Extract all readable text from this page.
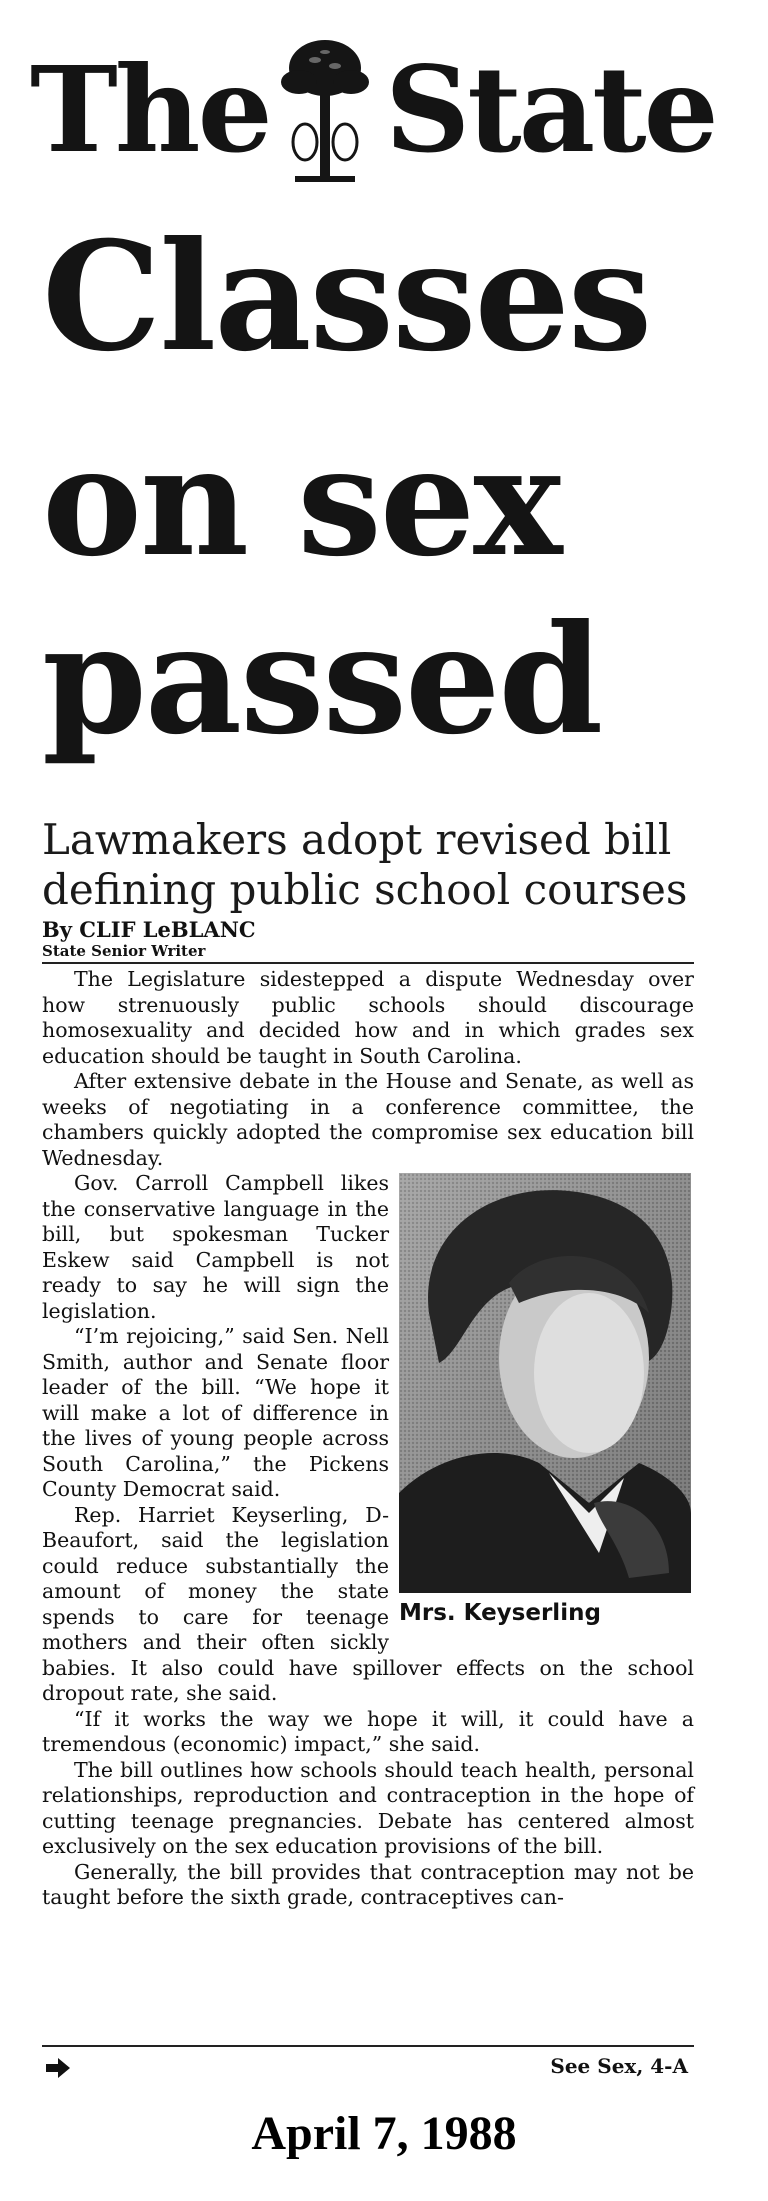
The State
Classes
on sex
passed
Lawmakers adopt revised bill
defining public school courses
By CLIF LeBLANC
State Senior Writer

The Legislature sidestepped a dispute Wednesday over how strenuously public schools should discourage homosexuality and decided how and in which grades sex education should be taught in South Carolina.

After extensive debate in the House and Senate, as well as weeks of negotiating in a conference committee, the chambers quickly adopted the compromise sex education bill Wednesday.

Mrs. Keyserling

Gov. Carroll Campbell likes the conservative language in the bill, but spokesman Tucker Eskew said Campbell is not ready to say he will sign the legislation.

“I’m rejoicing,” said Sen. Nell Smith, author and Senate floor leader of the bill. “We hope it will make a lot of difference in the lives of young people across South Carolina,” the Pickens County Democrat said.

Rep. Harriet Keyserling, D-Beaufort, said the legislation could reduce substantially the amount of money the state spends to care for teenage mothers and their often sickly babies. It also could have spillover effects on the school dropout rate, she said.

“If it works the way we hope it will, it could have a tremendous (economic) impact,” she said.

The bill outlines how schools should teach health, personal relationships, reproduction and contraception in the hope of cutting teenage pregnancies. Debate has centered almost exclusively on the sex education provisions of the bill.

Generally, the bill provides that contraception may not be taught before the sixth grade, contraceptives can-

See Sex, 4-A
April 7, 1988
